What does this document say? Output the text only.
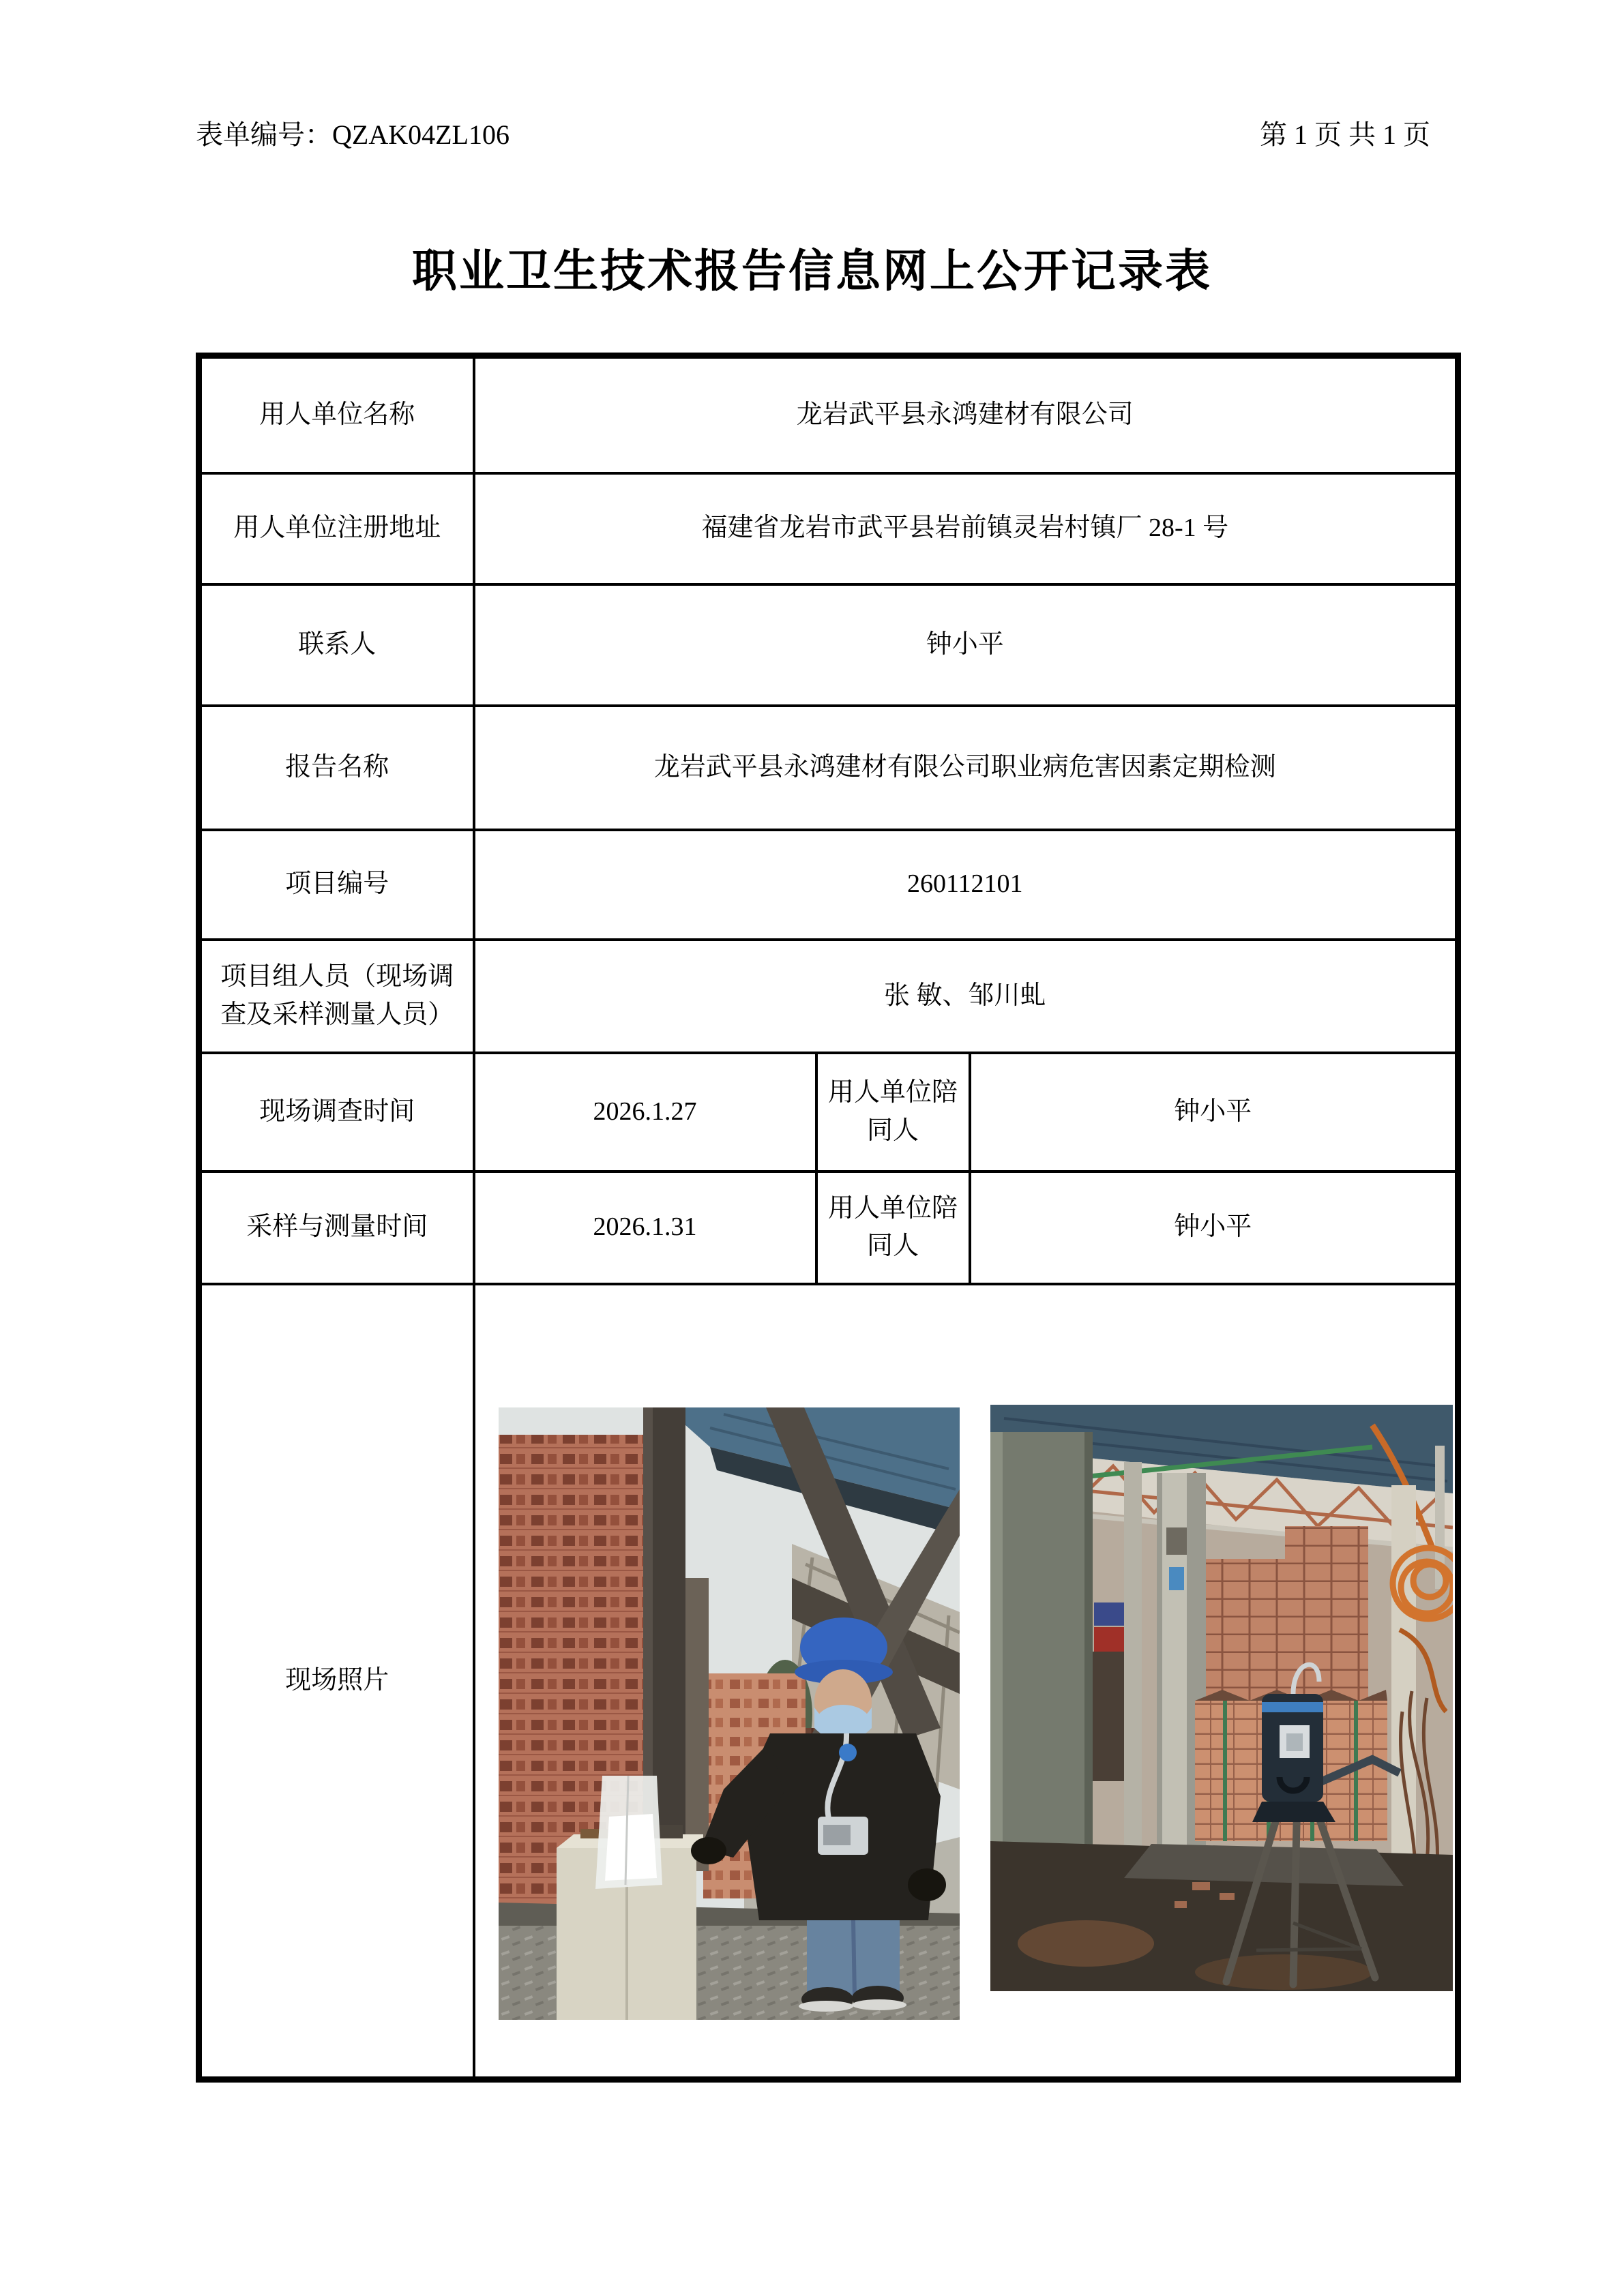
表单编号：QZAK04ZL106	第 1 页 共 1 页
职业卫生技术报告信息网上公开记录表
用人单位名称	龙岩武平县永鸿建材有限公司		
用人单位注册地址	福建省龙岩市武平县岩前镇灵岩村镇厂 28-1 号		
联系人	钟小平		
报告名称	龙岩武平县永鸿建材有限公司职业病危害因素定期检测		
项目编号	260112101		
项目组人员（现场调查及采样测量人员）	张 敏、邹川虬		
现场调查时间	2026.1.27	用人单位陪同人	钟小平
采样与测量时间	2026.1.31	用人单位陪同人	钟小平
现场照片	
